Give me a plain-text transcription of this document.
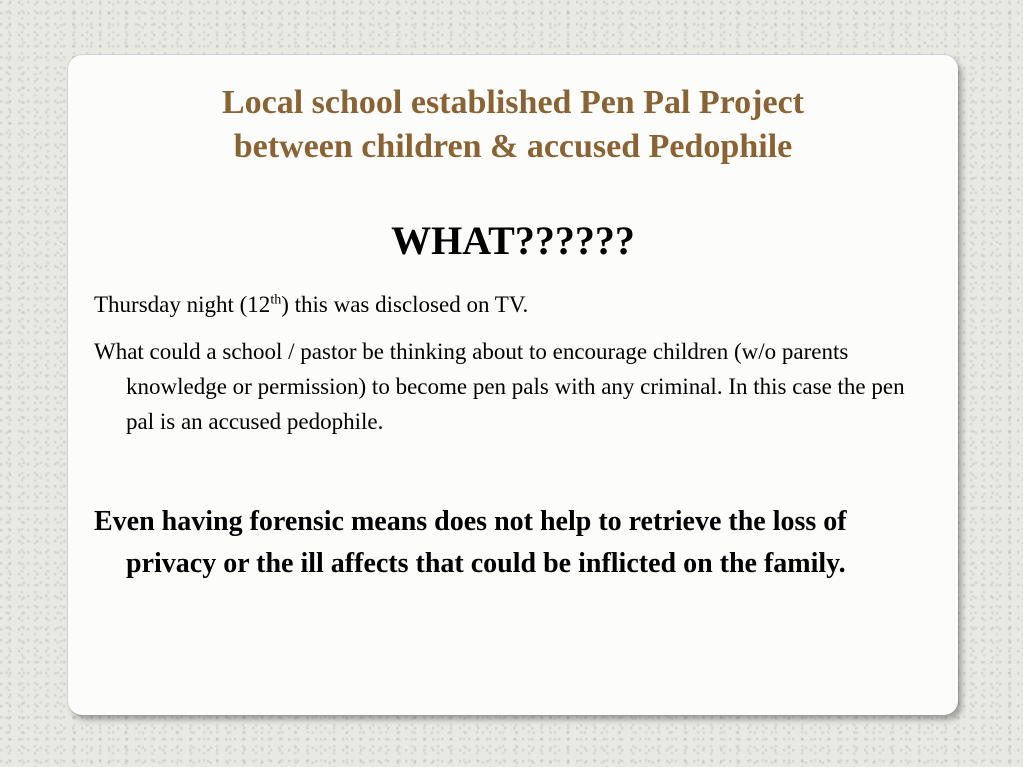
Local school established Pen Pal Project
between children & accused Pedophile
WHAT??????

Thursday night (12th) this was disclosed on TV.

What could a school / pastor be thinking about to encourage children (w/o parents knowledge or permission) to become pen pals with any criminal. In this case the pen pal is an accused pedophile.

Even having forensic means does not help to retrieve the loss of privacy or the ill affects that could be inflicted on the family.
